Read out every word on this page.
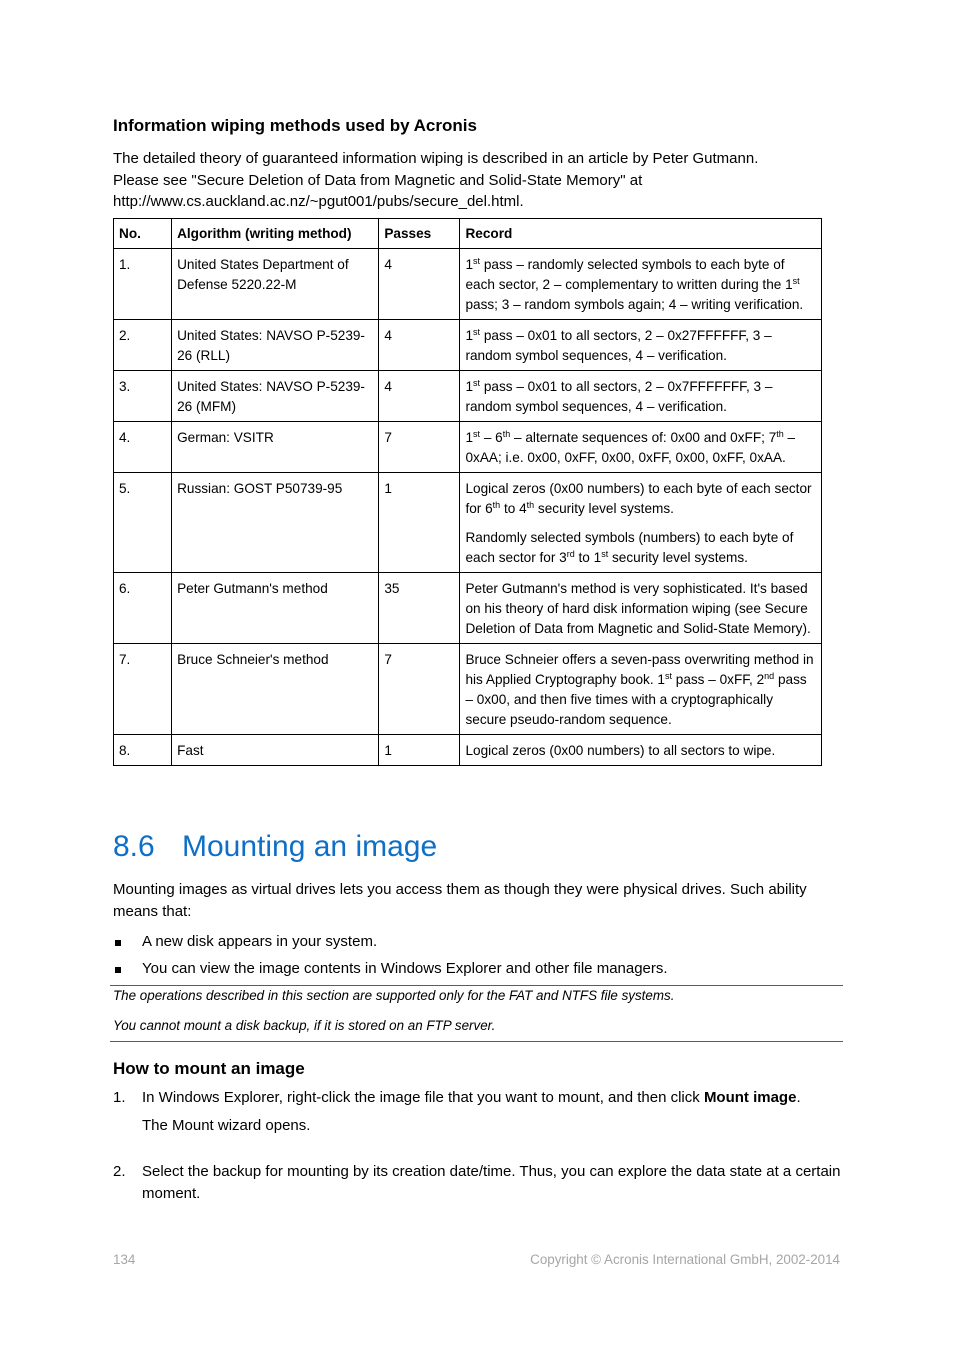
Information wiping methods used by Acronis
The detailed theory of guaranteed information wiping is described in an article by Peter Gutmann.
Please see "Secure Deletion of Data from Magnetic and Solid-State Memory" at
http://www.cs.auckland.ac.nz/~pgut001/pubs/secure_del.html.
No.	Algorithm (writing method)	Passes	Record
1.	United States Department of Defense 5220.22-M	4	1st pass – randomly selected symbols to each byte of each sector, 2 – complementary to written during the 1st pass; 3 – random symbols again; 4 – writing verification.
2.	United States: NAVSO P-5239-26 (RLL)	4	1st pass – 0x01 to all sectors, 2 – 0x27FFFFFF, 3 – random symbol sequences, 4 – verification.
3.	United States: NAVSO P-5239-26 (MFM)	4	1st pass – 0x01 to all sectors, 2 – 0x7FFFFFFF, 3 – random symbol sequences, 4 – verification.
4.	German: VSITR	7	1st – 6th – alternate sequences of: 0x00 and 0xFF; 7th – 0xAA; i.e. 0x00, 0xFF, 0x00, 0xFF, 0x00, 0xFF, 0xAA.
5.	Russian: GOST P50739-95	1	Logical zeros (0x00 numbers) to each byte of each sector for 6th to 4th security level systems.

Randomly selected symbols (numbers) to each byte of each sector for 3rd to 1st security level systems.

6.	Peter Gutmann's method	35	Peter Gutmann's method is very sophisticated. It's based on his theory of hard disk information wiping (see Secure Deletion of Data from Magnetic and Solid-State Memory).
7.	Bruce Schneier's method	7	Bruce Schneier offers a seven-pass overwriting method in his Applied Cryptography book. 1st pass – 0xFF, 2nd pass – 0x00, and then five times with a cryptographically secure pseudo-random sequence.
8.	Fast	1	Logical zeros (0x00 numbers) to all sectors to wipe.
8.6 Mounting an image
Mounting images as virtual drives lets you access them as though they were physical drives. Such ability means that:
A new disk appears in your system.
You can view the image contents in Windows Explorer and other file managers.
The operations described in this section are supported only for the FAT and NTFS file systems.
You cannot mount a disk backup, if it is stored on an FTP server.
How to mount an image
1. In Windows Explorer, right-click the image file that you want to mount, and then click Mount image.
The Mount wizard opens.
2. Select the backup for mounting by its creation date/time. Thus, you can explore the data state at a certain moment.
134	Copyright © Acronis International GmbH, 2002-2014
